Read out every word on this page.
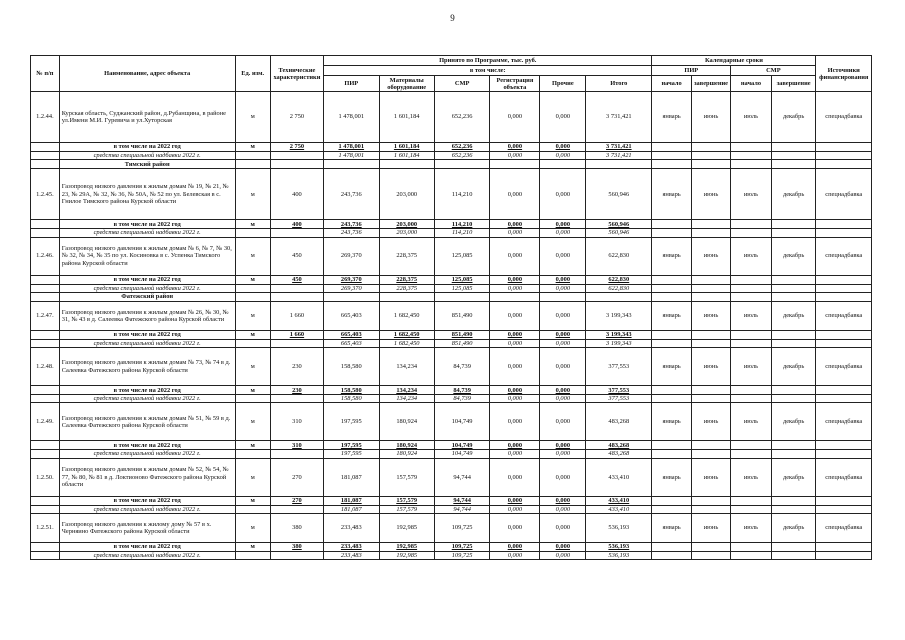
9
№ п/п	Наименование, адрес объекта	Ед. изм.	Технические характеристики	Принято по Программе, тыс. руб.						Календарные сроки				Источники финансирования
				в том числе:						ПИР		СМР		
				ПИР	Материалы оборудование	СМР	Регистрация объекта	Прочие	Итого	начало	завершение	начало	завершение	
1.2.44.	Курская область, Суджанский район, д.Рубанщина, в районе ул.Имени М.И. Гуревича и ул.Хуторская	м	2 750	1 478,001	1 601,184	652,236	0,000	0,000	3 731,421	январь	июнь	июль	декабрь	спецнадбавка
	в том числе на 2022 год	м	2 750	1 478,001	1 601,184	652,236	0,000	0,000	3 731,421					
	средства специальной надбавки 2022 г.			1 478,001	1 601,184	652,236	0,000	0,000	3 731,421					
	Тимский район													
1.2.45.	Газопровод низкого давления к жилым домам № 19, № 21, № 23, № 29А, № 32, № 36, № 50А, № 52 по ул. Белевская в с. Гнилое Тимского района Курской области	м	400	243,736	203,000	114,210	0,000	0,000	560,946	январь	июнь	июль	декабрь	спецнадбавка
	в том числе на 2022 год	м	400	243,736	203,000	114,210	0,000	0,000	560,946					
	средства специальной надбавки 2022 г.			243,736	203,000	114,210	0,000	0,000	560,946					
1.2.46.	Газопровод низкого давления к жилым домам № 6, № 7, № 30, № 32, № 34, № 35 по ул. Косиновка в с. Успенка Тимского района Курской области	м	450	269,370	228,375	125,085	0,000	0,000	622,830	январь	июнь	июль	декабрь	спецнадбавка
	в том числе на 2022 год	м	450	269,370	228,375	125,085	0,000	0,000	622,830					
	средства специальной надбавки 2022 г.			269,370	228,375	125,085	0,000	0,000	622,830					
	Фатежский район													
1.2.47.	Газопровод низкого давления к жилым домам № 26, № 30, № 31, № 43 в д. Салеевка Фатежского района Курской области	м	1 660	665,403	1 682,450	851,490	0,000	0,000	3 199,343	январь	июнь	июль	декабрь	спецнадбавка
	в том числе на 2022 год	м	1 660	665,403	1 682,450	851,490	0,000	0,000	3 199,343					
	средства специальной надбавки 2022 г.			665,403	1 682,450	851,490	0,000	0,000	3 199,343					
1.2.48.	Газопровод низкого давления к жилым домам № 73, № 74 в д. Салеевка Фатежского района Курской области	м	230	158,580	134,234	84,739	0,000	0,000	377,553	январь	июнь	июль	декабрь	спецнадбавка
	в том числе на 2022 год	м	230	158,580	134,234	84,739	0,000	0,000	377,553					
	средства специальной надбавки 2022 г.			158,580	134,234	84,739	0,000	0,000	377,553					
1.2.49.	Газопровод низкого давления к жилым домам № 51, № 59 в д. Салеевка Фатежского района Курской области	м	310	197,595	180,924	104,749	0,000	0,000	483,268	январь	июнь	июль	декабрь	спецнадбавка
	в том числе на 2022 год	м	310	197,595	180,924	104,749	0,000	0,000	483,268					
	средства специальной надбавки 2022 г.			197,595	180,924	104,749	0,000	0,000	483,268					
1.2.50.	Газопровод низкого давления к жилым домам № 52, № 54, № 77, № 80, № 81 в д. Локтионово Фатежского района Курской области	м	270	181,087	157,579	94,744	0,000	0,000	433,410	январь	июнь	июль	декабрь	спецнадбавка
	в том числе на 2022 год	м	270	181,087	157,579	94,744	0,000	0,000	433,410					
	средства специальной надбавки 2022 г.			181,087	157,579	94,744	0,000	0,000	433,410					
1.2.51.	Газопровод низкого давления к жилому дому № 57 в х. Черняино Фатежского района Курской области	м	380	233,483	192,985	109,725	0,000	0,000	536,193	январь	июнь	июль	декабрь	спецнадбавка
	в том числе на 2022 год	м	380	233,483	192,985	109,725	0,000	0,000	536,193					
	средства специальной надбавки 2022 г.			233,483	192,985	109,725	0,000	0,000	536,193					
